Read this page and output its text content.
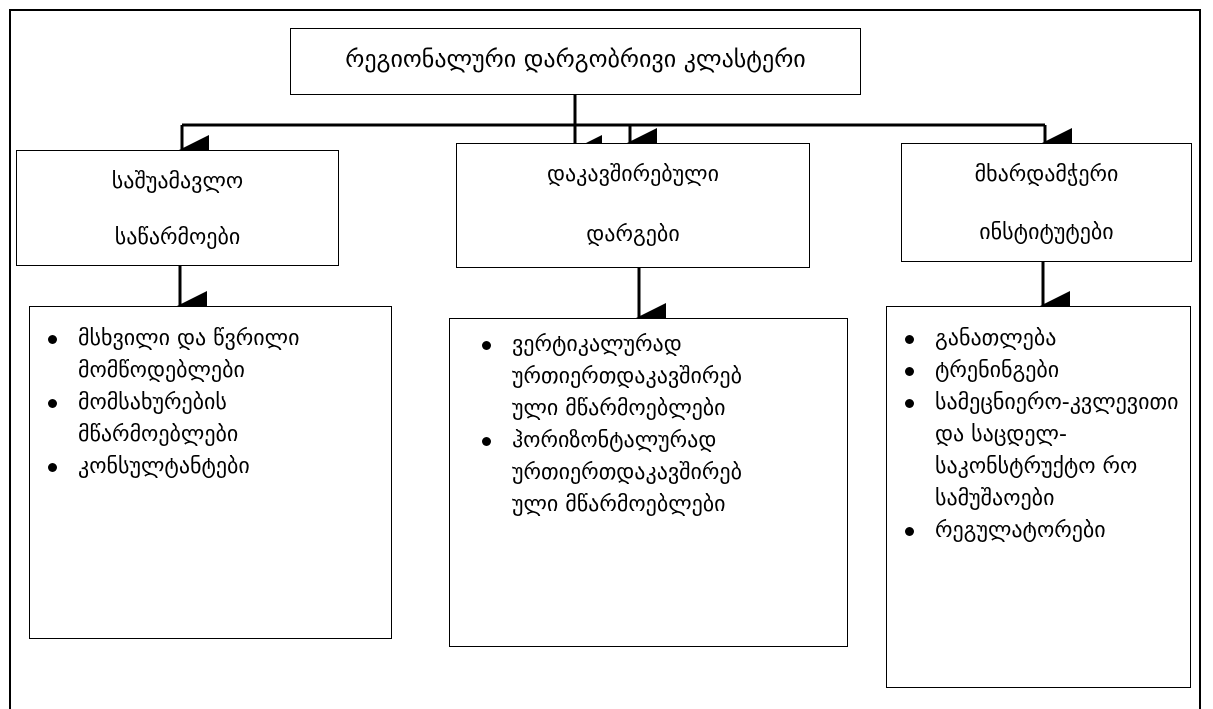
რეგიონალური დარგობრივი კლასტერი
საშუამავლო
საწარმოები
დაკავშირებული
დარგები
მხარდამჭერი
ინსტიტუტები
მსხვილი და წვრილი მომწოდებლები
მომსახურების მწარმოებლები
კონსულტანტები
ვერტიკალურად ურთიერთდაკავშირებ ული მწარმოებლები
ჰორიზონტალურად ურთიერთდაკავშირებ ული მწარმოებლები
განათლება
ტრენინგები
სამეცნიერო-კვლევითი და საცდელ-საკონსტრუქტო რო სამუშაოები
რეგულატორები
